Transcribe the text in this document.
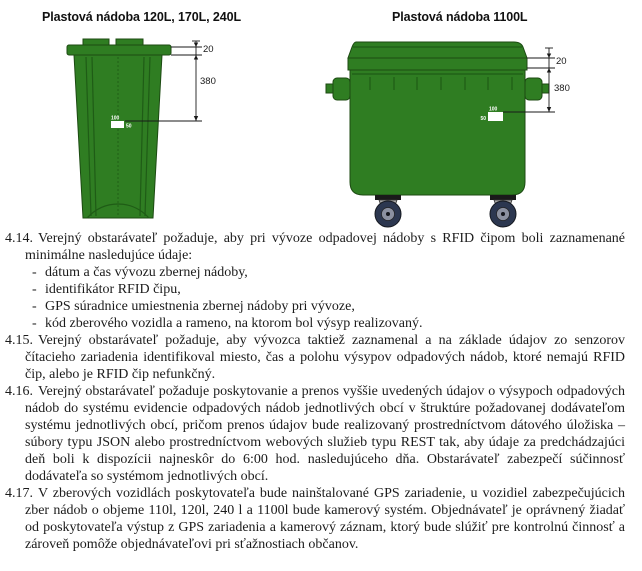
Plastová nádoba 120L, 170L, 240L	Plastová nádoba 1100L
100
50
20
380
100
50
20
380
4.14. Verejný obstarávateľ požaduje, aby pri vývoze odpadovej nádoby s RFID čipom boli zaznamenané minimálne nasledujúce údaje:
- dátum a čas vývozu zbernej nádoby,
- identifikátor RFID čipu,
- GPS súradnice umiestnenia zbernej nádoby pri vývoze,
- kód zberového vozidla a rameno, na ktorom bol výsyp realizovaný.
4.15. Verejný obstarávateľ požaduje, aby vývozca taktiež zaznamenal a na základe údajov zo senzorov čítacieho zariadenia identifikoval miesto, čas a polohu výsypov odpadových nádob, ktoré nemajú RFID čip, alebo je RFID čip nefunkčný.
4.16. Verejný obstarávateľ požaduje poskytovanie a prenos vyššie uvedených údajov o výsypoch odpadových nádob do systému evidencie odpadových nádob jednotlivých obcí v štruktúre požadovanej dodávateľom systému jednotlivých obcí, pričom prenos údajov bude realizovaný prostredníctvom dátového úložiska – súbory typu JSON alebo prostredníctvom webových služieb typu REST tak, aby údaje za predchádzajúci deň boli k dispozícii najneskôr do 6:00 hod. nasledujúceho dňa. Obstarávateľ zabezpečí súčinnosť dodávateľa so systémom jednotlivých obcí.
4.17. V zberových vozidlách poskytovateľa bude nainštalované GPS zariadenie, u vozidiel zabezpečujúcich zber nádob o objeme 110l, 120l, 240 l a 1100l bude kamerový systém. Objednávateľ je oprávnený žiadať od poskytovateľa výstup z GPS zariadenia a kamerový záznam, ktorý bude slúžiť pre kontrolnú činnosť a zároveň pomôže objednávateľovi pri sťažnostiach občanov.
